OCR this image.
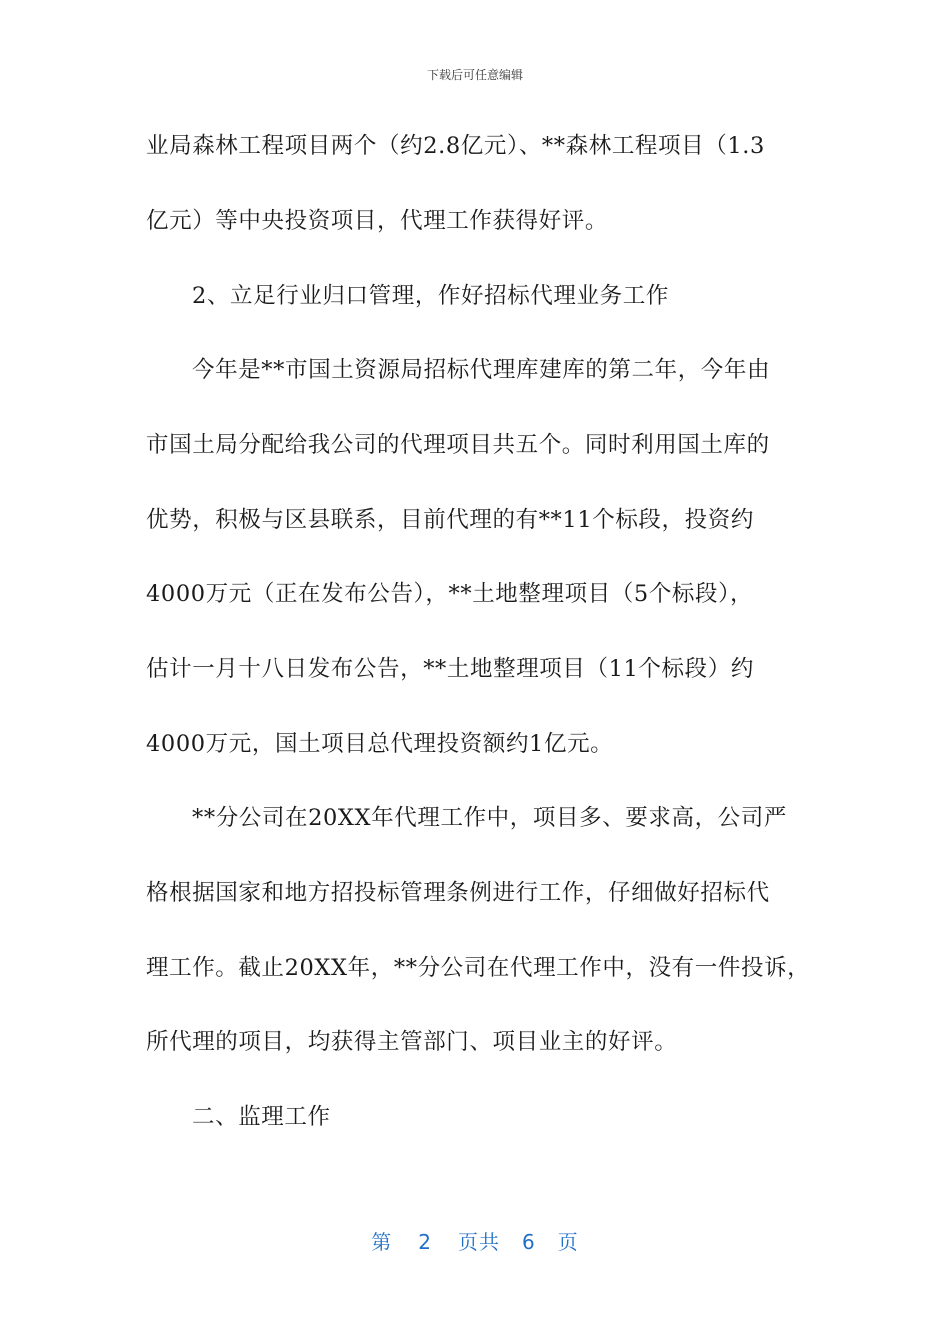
下载后可任意编辑
业局森林工程项目两个（约2.8亿元）、**森林工程项目（1.3
亿元）等中央投资项目，代理工作获得好评。
2、立足行业归口管理，作好招标代理业务工作
今年是**市国土资源局招标代理库建库的第二年，今年由
市国土局分配给我公司的代理项目共五个。同时利用国土库的
优势，积极与区县联系，目前代理的有**11个标段，投资约
4000万元（正在发布公告），**土地整理项目（5个标段），
估计一月十八日发布公告，**土地整理项目（11个标段）约
4000万元，国土项目总代理投资额约1亿元。
**分公司在20XX年代理工作中，项目多、要求高，公司严
格根据国家和地方招投标管理条例进行工作，仔细做好招标代
理工作。截止20XX年，**分公司在代理工作中，没有一件投诉，
所代理的项目，均获得主管部门、项目业主的好评。
二、监理工作
第 2 页共 6 页
